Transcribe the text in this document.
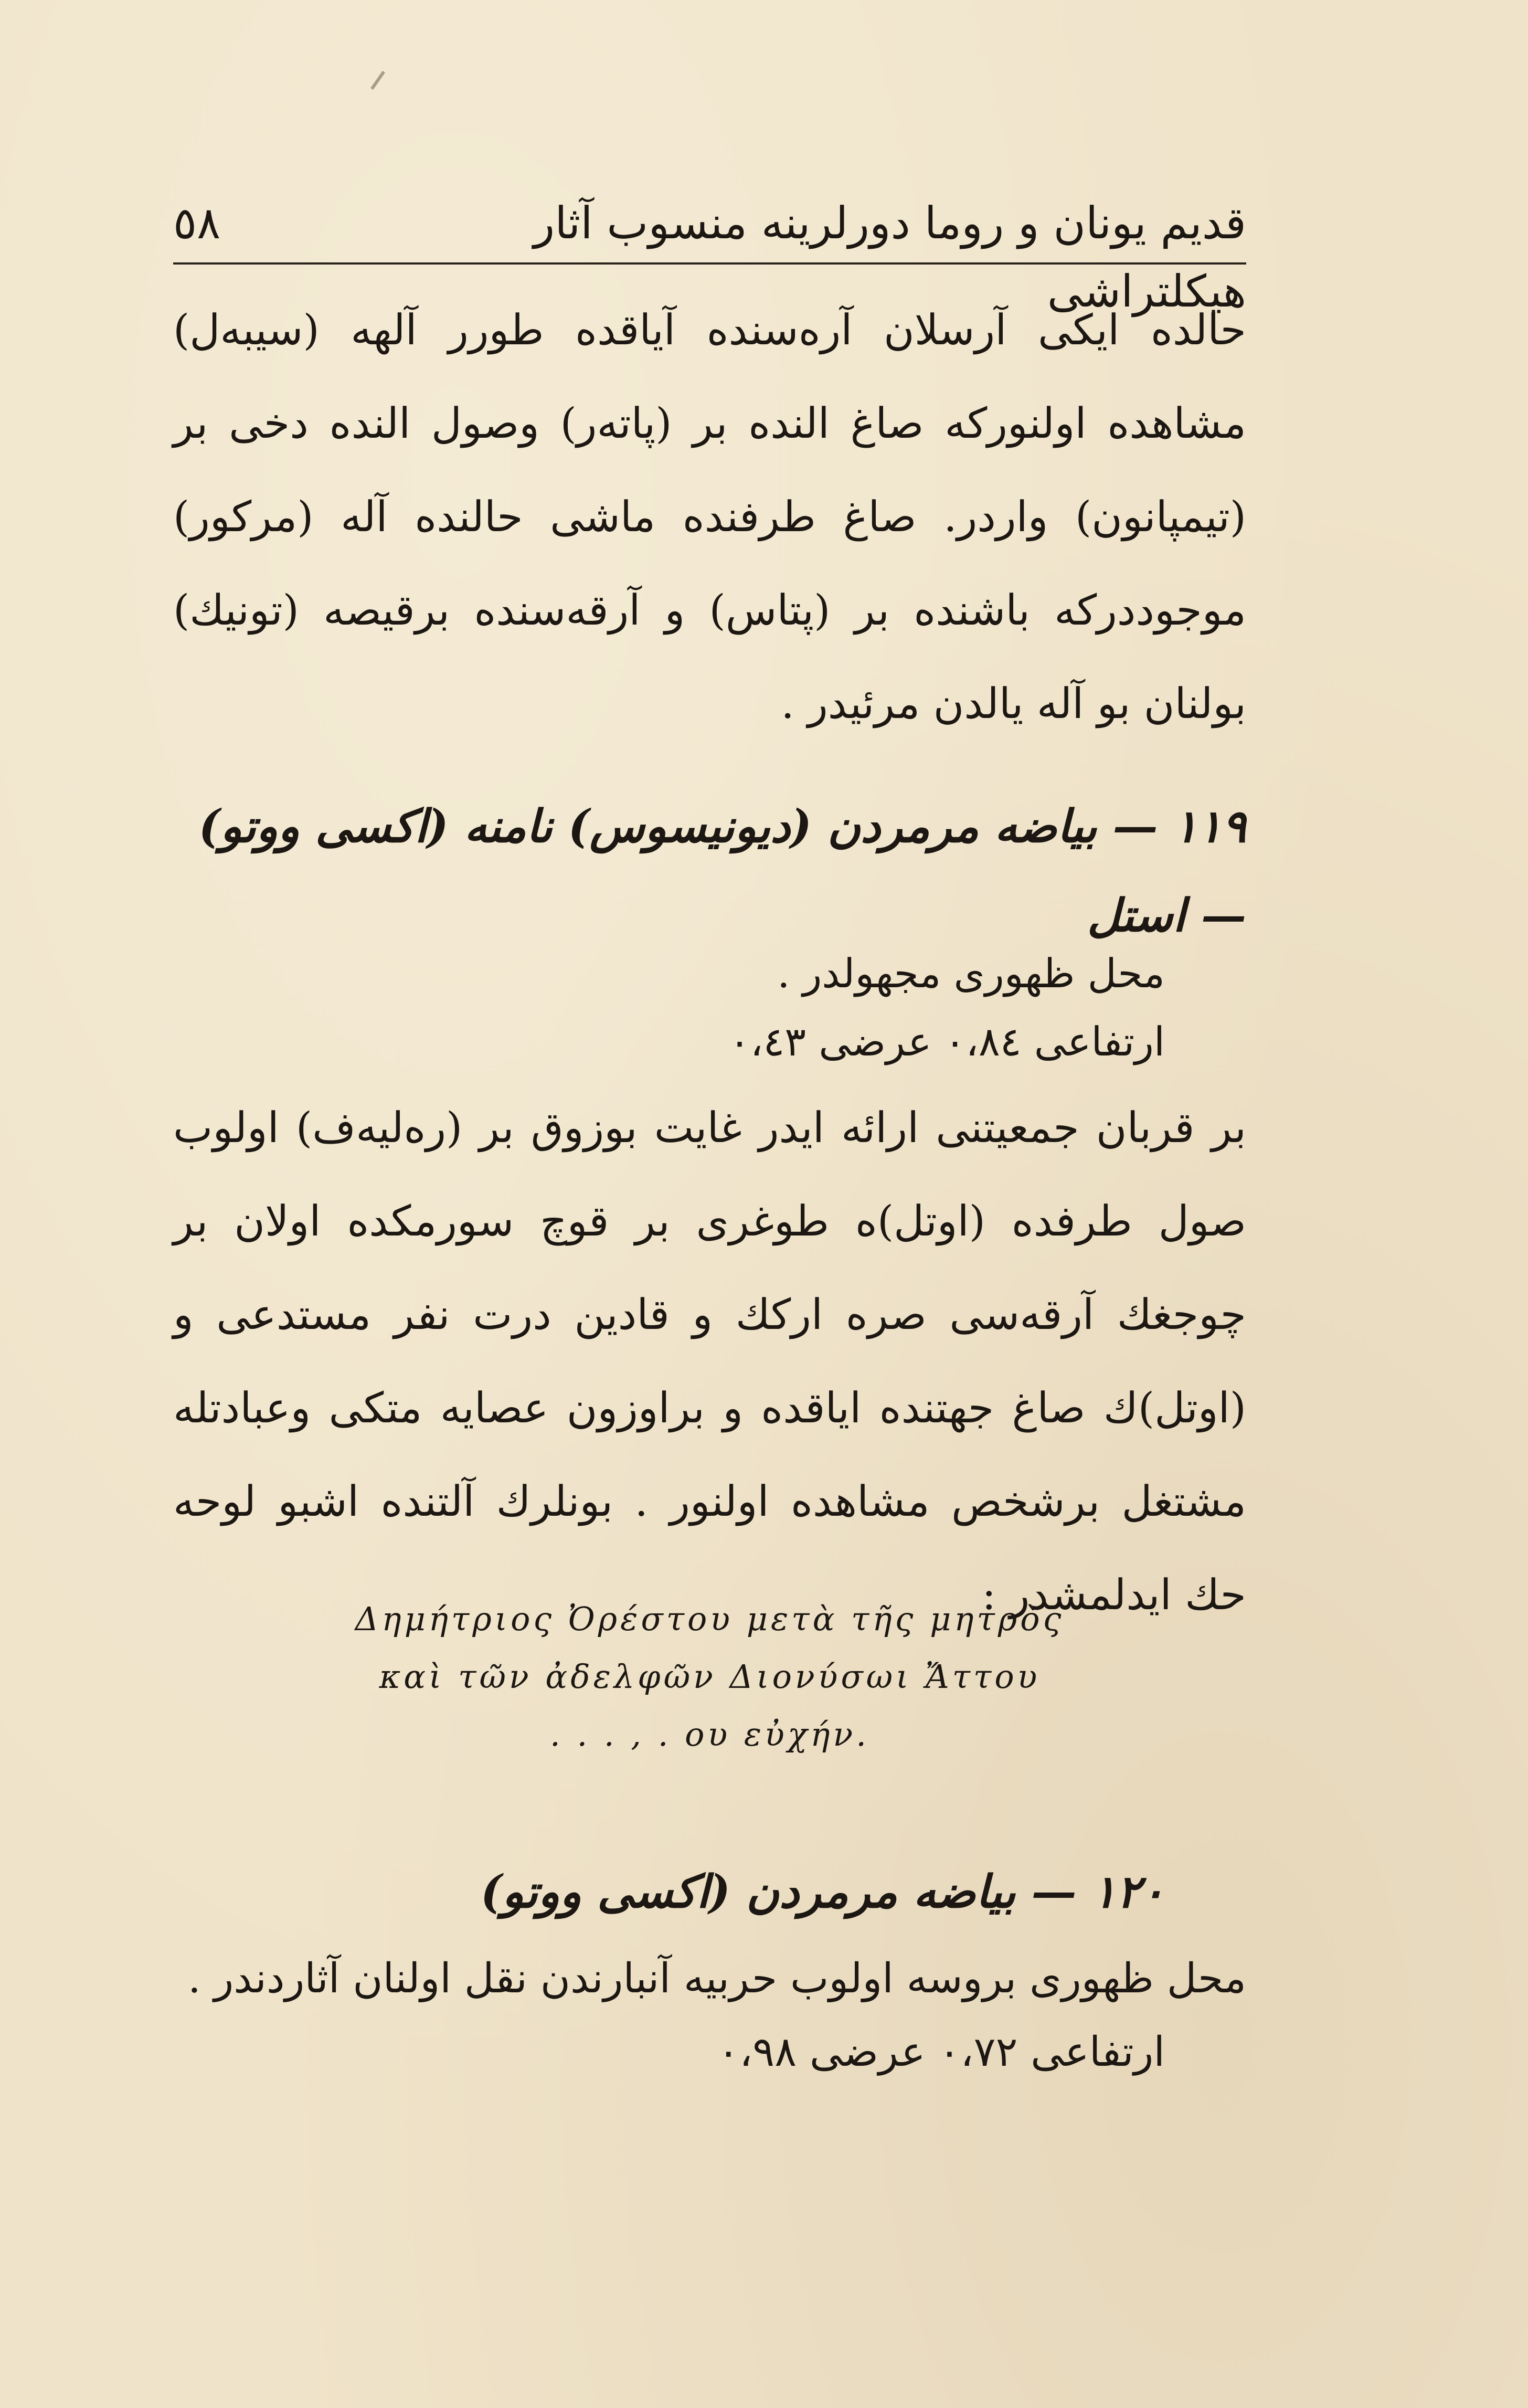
٥٨	قديم يونان و روما دورلرينه منسوب آثار هيكلتراشى

حالده ايكى آرسلان آره‌سنده آياقده طورر آلهه (سيبه‌ل) مشاهده اولنوركه صاغ النده بر (پاته‌ر) وصول النده دخى بر (تيمپانون) واردر. صاغ طرفنده ماشى حالنده آله (مركور) موجوددركه باشنده بر (پتاس) و آرقه‌سنده برقيصه (تونيك) بولنان بو آله يالدن مرئيدر .

١١٩ — بياضه مرمردن (ديونيسوس) نامنه (اكسى ووتو) — استل

محل ظهورى مجهولدر .

ارتفاعى ٠،٨٤ عرضى ٠،٤٣

بر قربان جمعيتنى ارائه ايدر غايت بوزوق بر (ره‌ليه‌ف) اولوب صول طرفده (اوتل)ه طوغرى بر قوچ سورمكده اولان بر چوجغك آرقه‌سى صره اركك و قادين درت نفر مستدعى و (اوتل)ك صاغ جهتنده اياقده و براوزون عصايه متكى وعبادتله مشتغل برشخص مشاهده اولنور . بونلرك آلتنده اشبو لوحه حك ايدلمشدر :

Δημήτριος Ὀρέστου μετὰ τῆς μητρὸς

καὶ τῶν ἀδελφῶν Διονύσωι Ἄττου

. . . , . ου εὐχήν.

١٢٠ — بياضه مرمردن (اكسى ووتو)

محل ظهورى بروسه اولوب حربيه آنبارندن نقل اولنان آثاردندر .

ارتفاعى ٠،٧٢ عرضى ٠،٩٨
